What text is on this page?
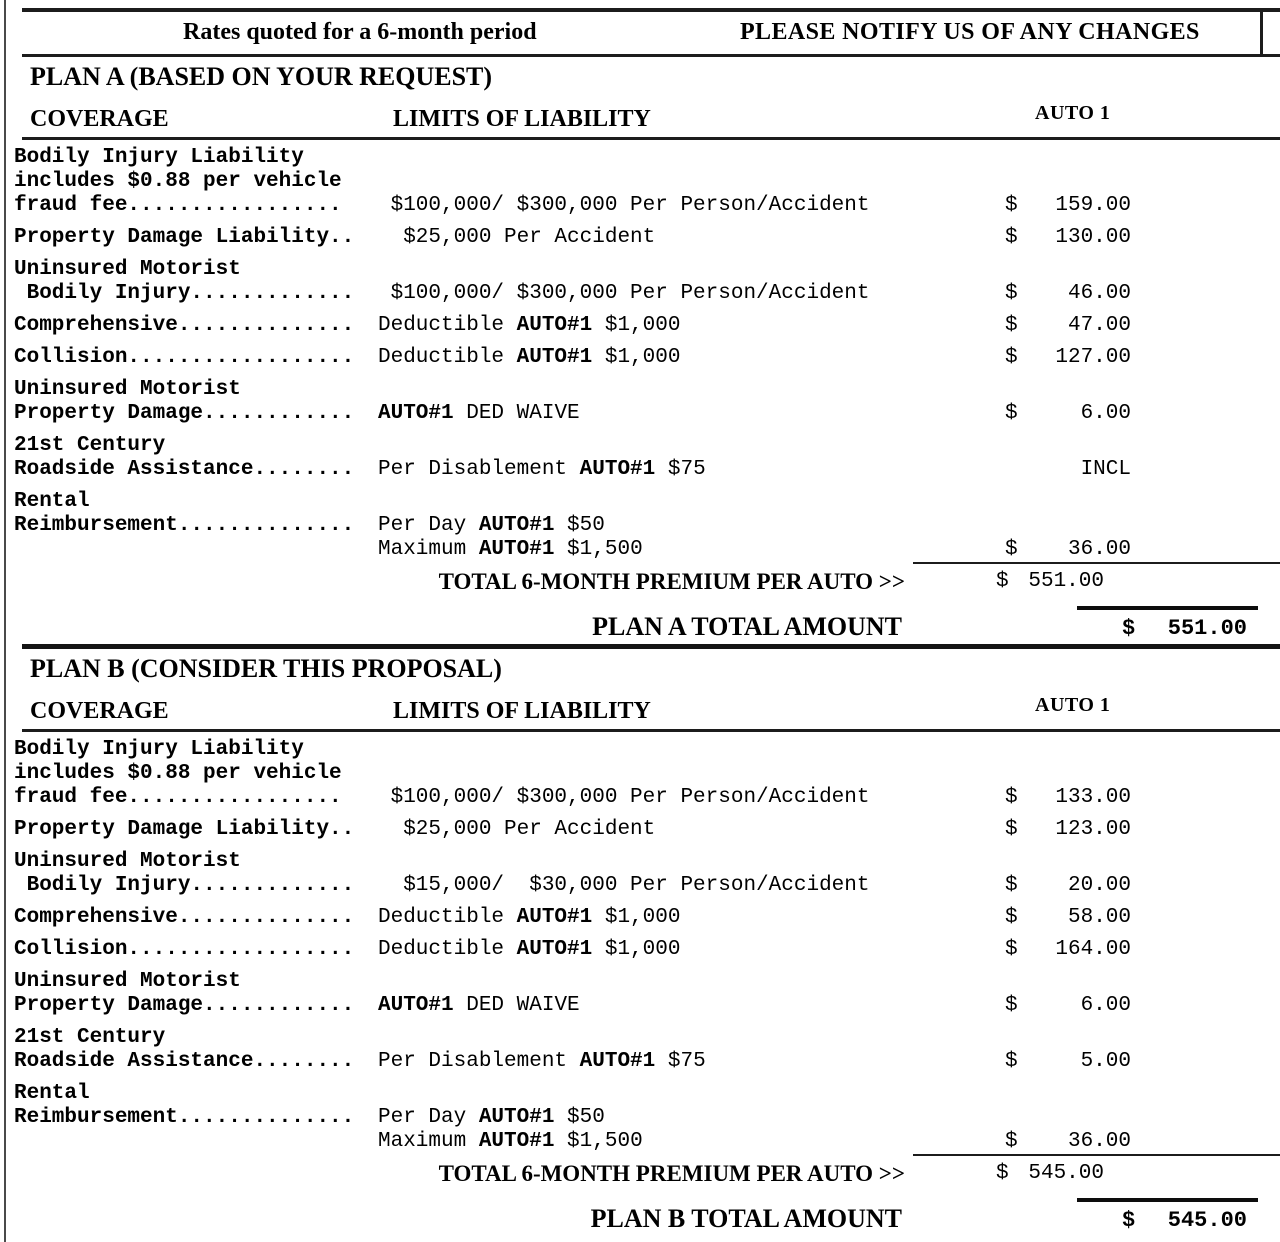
Rates quoted for a 6-month period	PLEASE NOTIFY US OF ANY CHANGES
PLAN A (BASED ON YOUR REQUEST)
COVERAGE	LIMITS OF LIABILITY	AUTO 1
Bodily Injury Liability
includes $0.88 per vehicle
fraud fee................. $100,000/ $300,000 Per Person/Accident	$ 159.00
Property Damage Liability.. $25,000 Per Accident	$ 130.00
Uninsured Motorist
Bodily Injury............. $100,000/ $300,000 Per Person/Accident	$ 46.00
Comprehensive.............. Deductible AUTO#1 $1,000	$ 47.00
Collision.................. Deductible AUTO#1 $1,000	$ 127.00
Uninsured Motorist
Property Damage............ AUTO#1 DED WAIVE	$	6.00
21st Century
Roadside Assistance........ Per Disablement AUTO#1 $75	INCL
Rental
Reimbursement.............. Per Day AUTO#1 $50
Maximum AUTO#1 $1,500	$ 36.00
TOTAL 6-MONTH PREMIUM PER AUTO >>	$ 551.00
PLAN A TOTAL AMOUNT	$ 551.00
PLAN B (CONSIDER THIS PROPOSAL)
COVERAGE	LIMITS OF LIABILITY	AUTO 1
Bodily Injury Liability
includes $0.88 per vehicle
fraud fee................. $100,000/ $300,000 Per Person/Accident	$ 133.00
Property Damage Liability.. $25,000 Per Accident	$ 123.00
Uninsured Motorist
Bodily Injury............. $15,000/  $30,000 Per Person/Accident	$ 20.00
Comprehensive.............. Deductible AUTO#1 $1,000	$ 58.00
Collision.................. Deductible AUTO#1 $1,000	$ 164.00
Uninsured Motorist
Property Damage............ AUTO#1 DED WAIVE	$	6.00
21st Century
Roadside Assistance........ Per Disablement AUTO#1 $75	$	5.00
Rental
Reimbursement.............. Per Day AUTO#1 $50
Maximum AUTO#1 $1,500	$ 36.00
TOTAL 6-MONTH PREMIUM PER AUTO >>	$ 545.00
PLAN B TOTAL AMOUNT	$ 545.00
